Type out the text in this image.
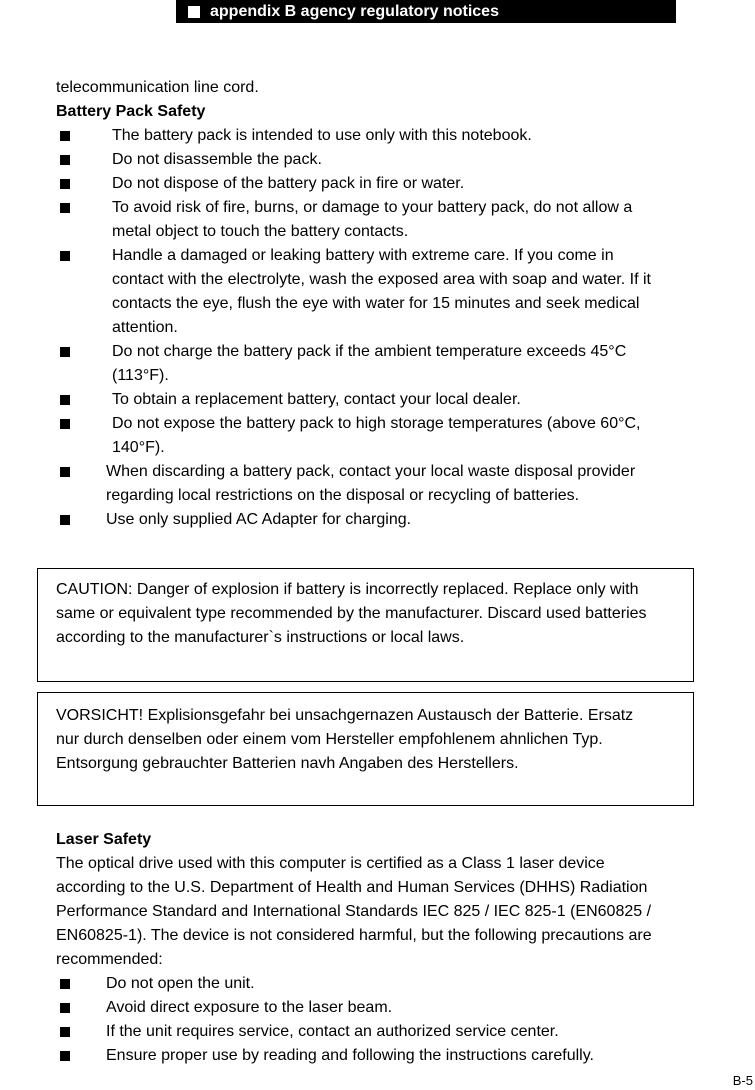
appendix B agency regulatory notices
telecommunication line cord.
Battery Pack Safety
The battery pack is intended to use only with this notebook.
Do not disassemble the pack.
Do not dispose of the battery pack in fire or water.
To avoid risk of fire, burns, or damage to your battery pack, do not allow a
metal object to touch the battery contacts.
Handle a damaged or leaking battery with extreme care. If you come in
contact with the electrolyte, wash the exposed area with soap and water. If it
contacts the eye, flush the eye with water for 15 minutes and seek medical
attention.
Do not charge the battery pack if the ambient temperature exceeds 45°C
(113°F).
To obtain a replacement battery, contact your local dealer.
Do not expose the battery pack to high storage temperatures (above 60°C,
140°F).
When discarding a battery pack, contact your local waste disposal provider
regarding local restrictions on the disposal or recycling of batteries.
Use only supplied AC Adapter for charging.
CAUTION: Danger of explosion if battery is incorrectly replaced. Replace only with
same or equivalent type recommended by the manufacturer. Discard used batteries
according to the manufacturer`s instructions or local laws.
VORSICHT! Explisionsgefahr bei unsachgernazen Austausch der Batterie. Ersatz
nur durch denselben oder einem vom Hersteller empfohlenem ahnlichen Typ.
Entsorgung gebrauchter Batterien navh Angaben des Herstellers.
Laser Safety
The optical drive used with this computer is certified as a Class 1 laser device
according to the U.S. Department of Health and Human Services (DHHS) Radiation
Performance Standard and International Standards IEC 825 / IEC 825-1 (EN60825 /
EN60825-1). The device is not considered harmful, but the following precautions are
recommended:
Do not open the unit.
Avoid direct exposure to the laser beam.
If the unit requires service, contact an authorized service center.
Ensure proper use by reading and following the instructions carefully.
B-5
